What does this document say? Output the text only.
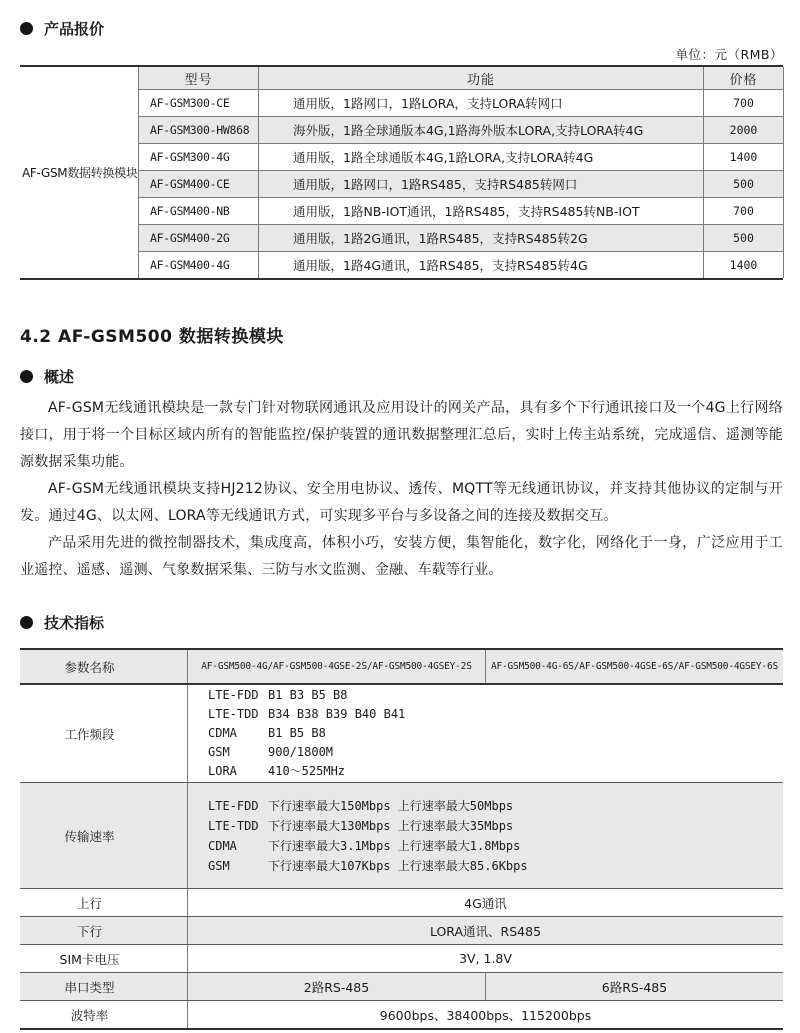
产品报价
单位：元（RMB）
AF-GSM数据转换模块
型号	功能	价格
AF-GSM300-CE	通用版，1路网口，1路LORA，支持LORA转网口	700
AF-GSM300-HW868	海外版，1路全球通版本4G,1路海外版本LORA,支持LORA转4G	2000
AF-GSM300-4G	通用版，1路全球通版本4G,1路LORA,支持LORA转4G	1400
AF-GSM400-CE	通用版，1路网口，1路RS485，支持RS485转网口	500
AF-GSM400-NB	通用版，1路NB-IOT通讯，1路RS485，支持RS485转NB-IOT	700
AF-GSM400-2G	通用版，1路2G通讯，1路RS485，支持RS485转2G	500
AF-GSM400-4G	通用版，1路4G通讯，1路RS485，支持RS485转4G	1400
4.2 AF-GSM500 数据转换模块
概述

AF-GSM无线通讯模块是一款专门针对物联网通讯及应用设计的网关产品，具有多个下行通讯接口及一个4G上行网络接口，用于将一个目标区域内所有的智能监控/保护装置的通讯数据整理汇总后，实时上传主站系统，完成遥信、遥测等能源数据采集功能。

AF-GSM无线通讯模块支持HJ212协议、安全用电协议、透传、MQTT等无线通讯协议，并支持其他协议的定制与开发。通过4G、以太网、LORA等无线通讯方式，可实现多平台与多设备之间的连接及数据交互。

产品采用先进的微控制器技术，集成度高，体积小巧，安装方便，集智能化，数字化，网络化于一身，广泛应用于工业遥控、遥感、遥测、气象数据采集、三防与水文监测、金融、车载等行业。

技术指标
参数名称	AF-GSM500-4G/AF-GSM500-4GSE-2S/AF-GSM500-4GSEY-2S	AF-GSM500-4G-6S/AF-GSM500-4GSE-6S/AF-GSM500-4GSEY-6S
工作频段
LTE-FDD B1 B3 B5 B8
LTE-TDD B34 B38 B39 B40 B41
CDMA	B1 B5 B8
GSM	900/1800M
LORA	410～525MHz
传输速率
LTE-FDD 下行速率最大150Mbps 上行速率最大50Mbps
LTE-TDD 下行速率最大130Mbps 上行速率最大35Mbps
CDMA	下行速率最大3.1Mbps 上行速率最大1.8Mbps
GSM	下行速率最大107Kbps 上行速率最大85.6Kbps
上行	4G通讯
下行	LORA通讯、RS485
SIM卡电压	3V, 1.8V
串口类型	2路RS-485	6路RS-485
波特率	9600bps、38400bps、115200bps
